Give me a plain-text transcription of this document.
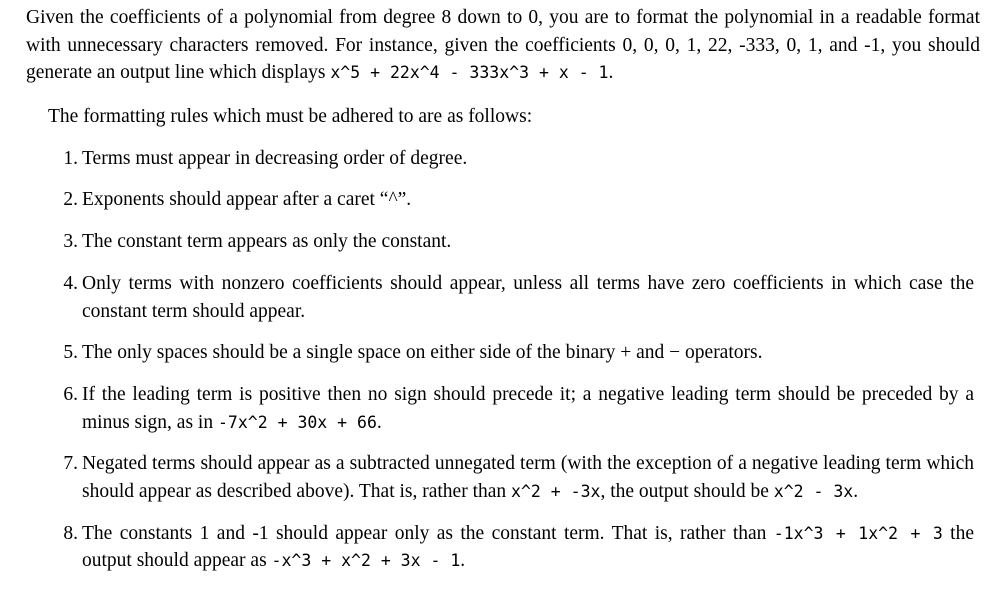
Given the coefficients of a polynomial from degree 8 down to 0, you are to format the polynomial in a readable format with unnecessary characters removed. For instance, given the coefficients 0, 0, 0, 1, 22, -333, 0, 1, and -1, you should generate an output line which displays x^5 + 22x^4 - 333x^3 + x - 1.

The formatting rules which must be adhered to are as follows:

Terms must appear in decreasing order of degree.
Exponents should appear after a caret “^”.
The constant term appears as only the constant.
Only terms with nonzero coefficients should appear, unless all terms have zero coefficients in which case the constant term should appear.
The only spaces should be a single space on either side of the binary + and − operators.
If the leading term is positive then no sign should precede it; a negative leading term should be preceded by a minus sign, as in -7x^2 + 30x + 66.
Negated terms should appear as a subtracted unnegated term (with the exception of a negative leading term which should appear as described above). That is, rather than x^2 + -3x, the output should be x^2 - 3x.
The constants 1 and -1 should appear only as the constant term. That is, rather than -1x^3 + 1x^2 + 3 the output should appear as -x^3 + x^2 + 3x - 1.
